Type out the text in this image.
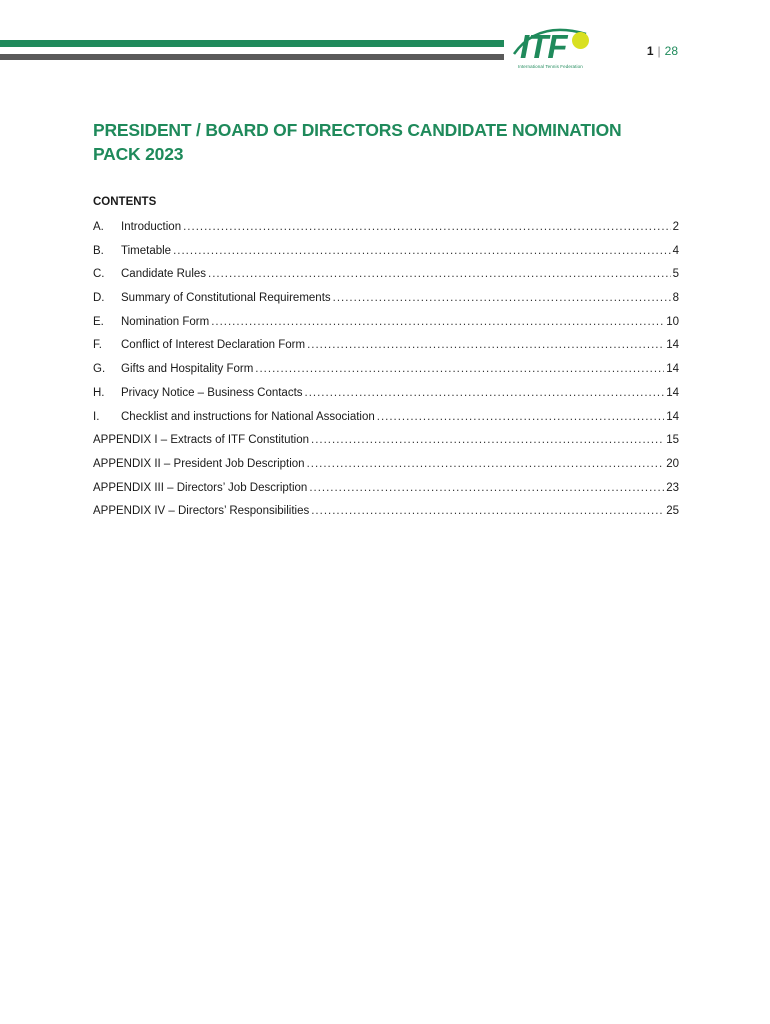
ITF
International Tennis Federation
1 | 28
PRESIDENT / BOARD OF DIRECTORS CANDIDATE NOMINATION PACK 2023
CONTENTS
A.	Introduction .....	2
B.	Timetable .....	4
C.	Candidate Rules .....	5
D.	Summary of Constitutional Requirements .....	8
E.	Nomination Form .....	10
F.	Conflict of Interest Declaration Form .....	14
G.	Gifts and Hospitality Form .....	14
H.	Privacy Notice – Business Contacts .....	14
I.	Checklist and instructions for National Association .....	14
APPENDIX I – Extracts of ITF Constitution .....	15
APPENDIX II – President Job Description .....	20
APPENDIX III – Directors’ Job Description .....	23
APPENDIX IV – Directors’ Responsibilities .....	25
